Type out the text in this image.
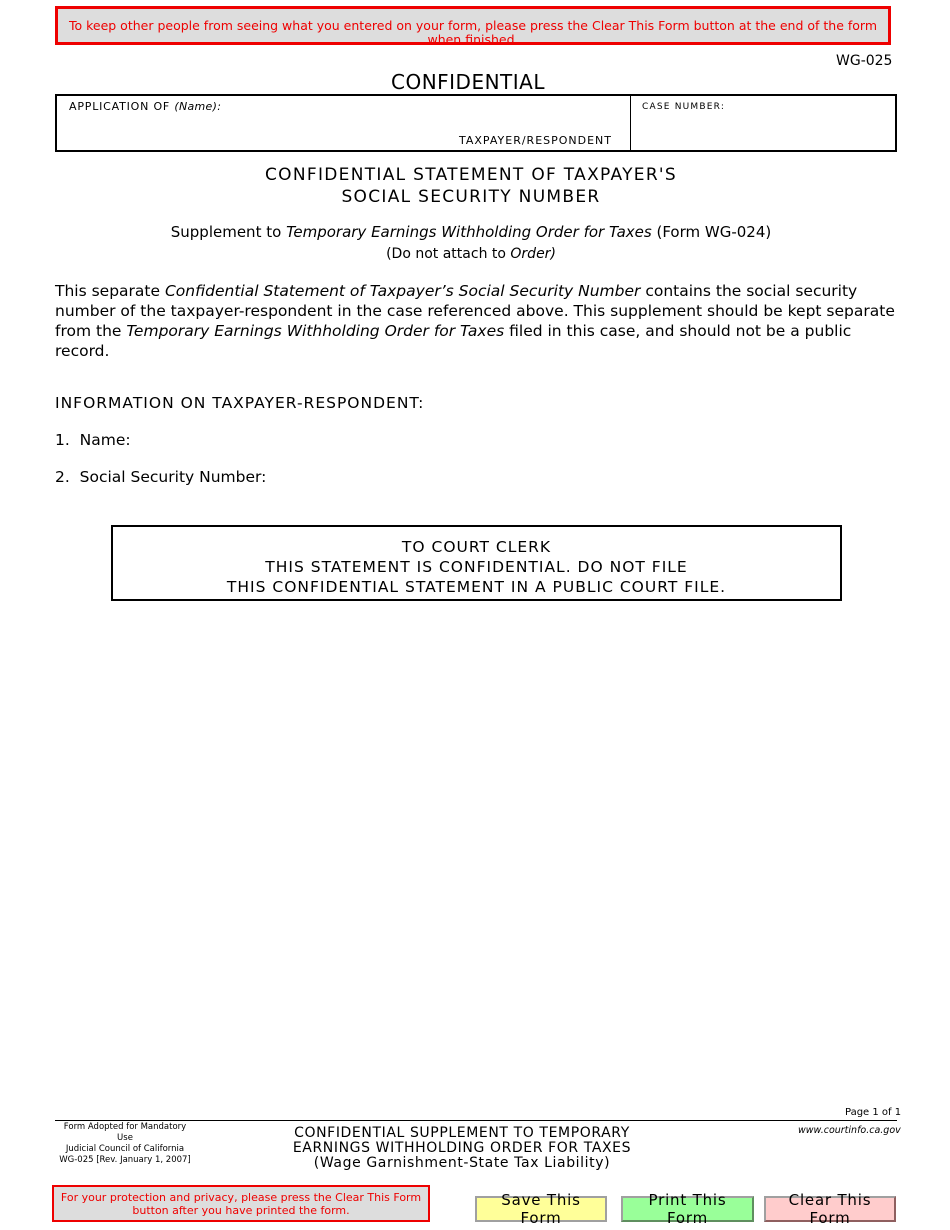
To keep other people from seeing what you entered on your form, please press the Clear This Form button at the end of the form when finished.
WG-025
CONFIDENTIAL
APPLICATION OF (Name):
TAXPAYER/RESPONDENT
CASE NUMBER:
CONFIDENTIAL STATEMENT OF TAXPAYER'S
SOCIAL SECURITY NUMBER
Supplement to Temporary Earnings Withholding Order for Taxes (Form WG-024)
(Do not attach to Order)
This separate Confidential Statement of Taxpayer’s Social Security Number contains the social security number of the taxpayer-respondent in the case referenced above. This supplement should be kept separate from the Temporary Earnings Withholding Order for Taxes filed in this case, and should not be a public record.
INFORMATION ON TAXPAYER-RESPONDENT:
1. Name:
2. Social Security Number:
TO COURT CLERK
THIS STATEMENT IS CONFIDENTIAL. DO NOT FILE
THIS CONFIDENTIAL STATEMENT IN A PUBLIC COURT FILE.
Page 1 of 1
Form Adopted for Mandatory Use
Judicial Council of California
WG-025 [Rev. January 1, 2007]
CONFIDENTIAL SUPPLEMENT TO TEMPORARY
EARNINGS WITHHOLDING ORDER FOR TAXES
(Wage Garnishment-State Tax Liability)
www.courtinfo.ca.gov
For your protection and privacy, please press the Clear This Form button after you have printed the form.
Save This Form
Print This Form
Clear This Form
